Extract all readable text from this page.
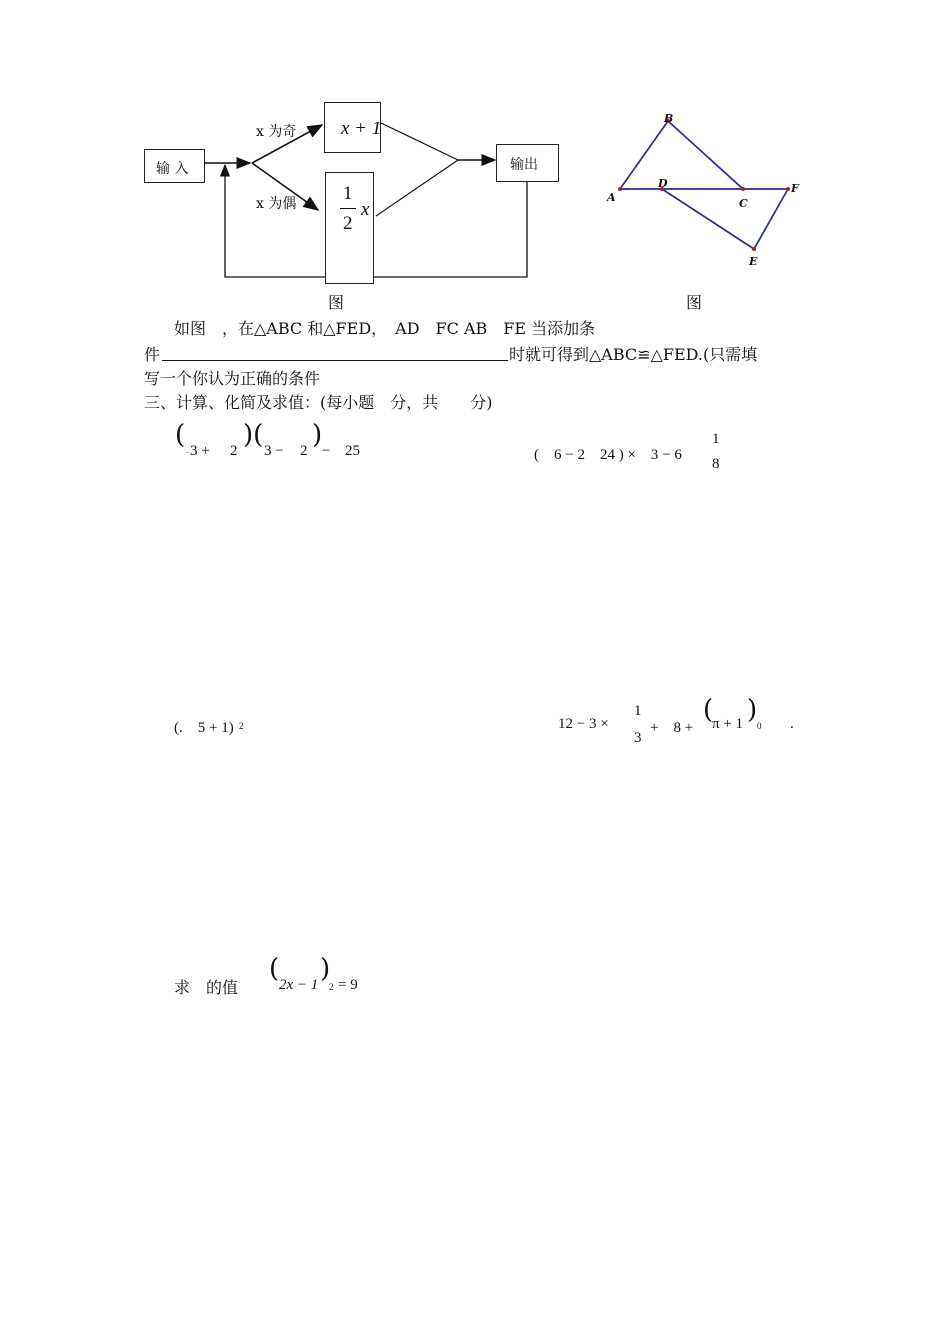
输 入
x + 1
1
2
x
输出
x 为奇
x 为偶
图
A
B
C
D
E
F
图
如图　，在△ABC 和△FED，　AD　FC AB　FE 当添加条
件	时就可得到△ABC≌△FED.(只需填
写一个你认为正确的条件
三、计算、化简及求值：(每小题　分，共　　分)
( . 3 + 2
)(
3 − 2
)
− 25	(　6 − 2　24 ) ×　3 − 6
1
8
(.　5 + 1) 2	12 − 3 ×
1
3
+　8 +
(
π + 1 )
0 .
求　的值
(
2x − 1
)
2 = 9
